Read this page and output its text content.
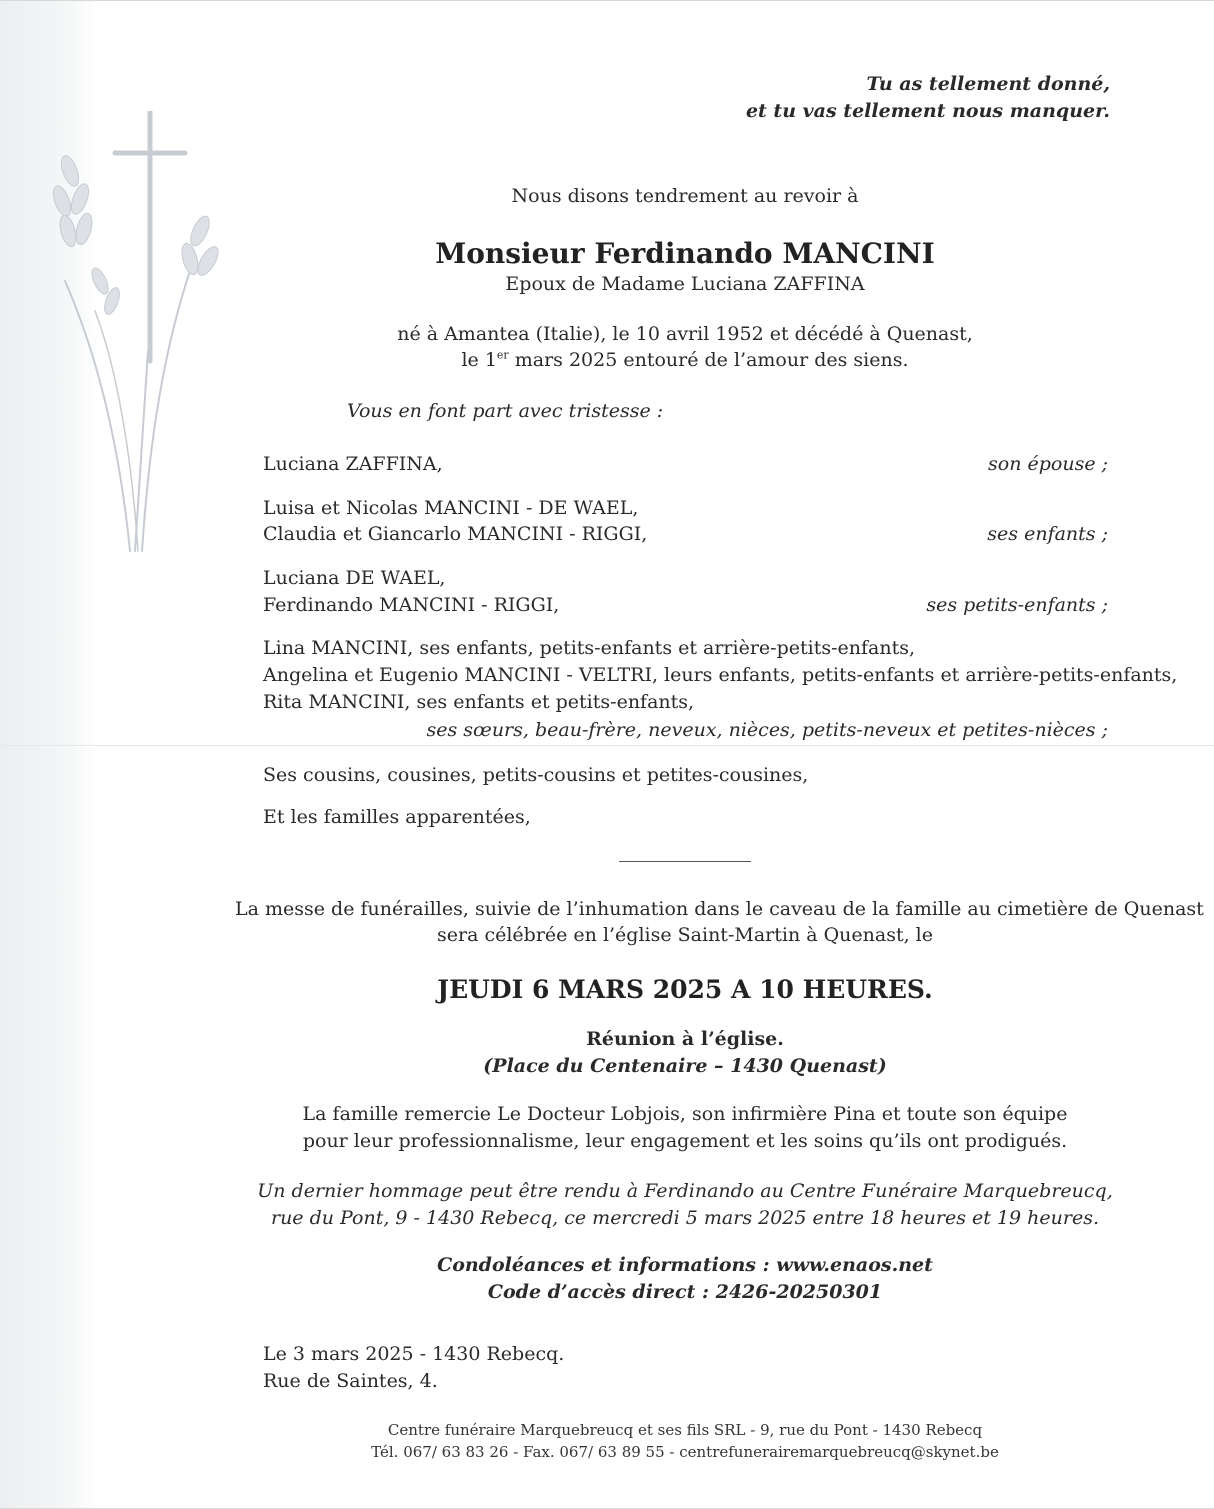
Tu as tellement donné,
et tu vas tellement nous manquer.
Nous disons tendrement au revoir à
Monsieur Ferdinando MANCINI
Epoux de Madame Luciana ZAFFINA
né à Amantea (Italie), le 10 avril 1952 et décédé à Quenast,
le 1er mars 2025 entouré de l’amour des siens.
Vous en font part avec tristesse :
Luciana ZAFFINA,	son épouse ;
Luisa et Nicolas MANCINI - DE WAEL,
Claudia et Giancarlo MANCINI - RIGGI,	ses enfants ;
Luciana DE WAEL,
Ferdinando MANCINI - RIGGI,	ses petits-enfants ;
Lina MANCINI, ses enfants, petits-enfants et arrière-petits-enfants,
Angelina et Eugenio MANCINI - VELTRI, leurs enfants, petits-enfants et arrière-petits-enfants,
Rita MANCINI, ses enfants et petits-enfants,
ses sœurs, beau-frère, neveux, nièces, petits-neveux et petites-nièces ;
Ses cousins, cousines, petits-cousins et petites-cousines,
Et les familles apparentées,
La messe de funérailles, suivie de l’inhumation dans le caveau de la famille au cimetière de Quenast
sera célébrée en l’église Saint-Martin à Quenast, le
JEUDI 6 MARS 2025 A 10 HEURES.
Réunion à l’église.
(Place du Centenaire – 1430 Quenast)
La famille remercie Le Docteur Lobjois, son infirmière Pina et toute son équipe
pour leur professionnalisme, leur engagement et les soins qu’ils ont prodigués.
Un dernier hommage peut être rendu à Ferdinando au Centre Funéraire Marquebreucq,
rue du Pont, 9 - 1430 Rebecq, ce mercredi 5 mars 2025 entre 18 heures et 19 heures.
Condoléances et informations : www.enaos.net
Code d’accès direct : 2426-20250301
Le 3 mars 2025 - 1430 Rebecq.
Rue de Saintes, 4.
Centre funéraire Marquebreucq et ses fils SRL - 9, rue du Pont - 1430 Rebecq
Tél. 067/ 63 83 26 - Fax. 067/ 63 89 55 - centrefunerairemarquebreucq@skynet.be
